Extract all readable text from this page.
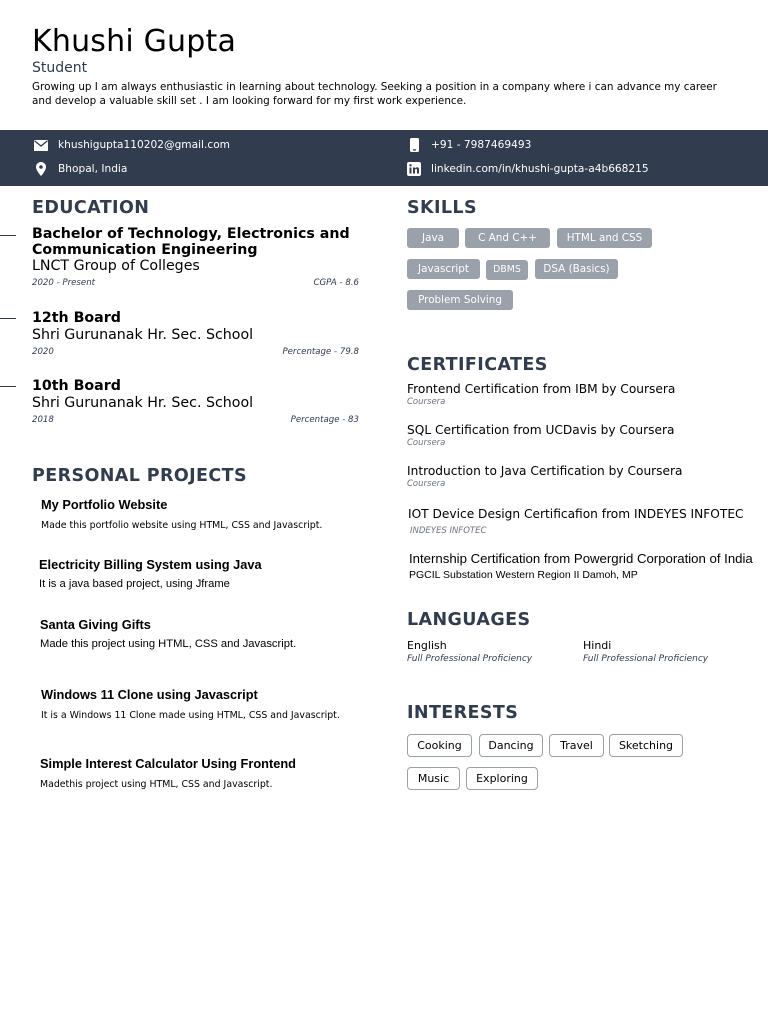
Khushi Gupta
Student
Growing up I am always enthusiastic in learning about technology. Seeking a position in a company where i can advance my career and develop a valuable skill set . I am looking forward for my first work experience.
khushigupta110202@gmail.com
Bhopal, India
+91 - 7987469493
linkedin.com/in/khushi-gupta-a4b668215
EDUCATION
Bachelor of Technology, Electronics and Communication Engineering
LNCT Group of Colleges
2020 - Present	CGPA - 8.6
12th Board
Shri Gurunanak Hr. Sec. School
2020	Percentage - 79.8
10th Board
Shri Gurunanak Hr. Sec. School
2018	Percentage - 83
PERSONAL PROJECTS
My Portfolio Website
Made this portfolio website using HTML, CSS and Javascript.
Electricity Billing System using Java
It is a java based project, using Jframe
Santa Giving Gifts
Made this project using HTML, CSS and Javascript.
Windows 11 Clone using Javascript
It is a Windows 11 Clone made using HTML, CSS and Javascript.
Simple Interest Calculator Using Frontend
Madethis project using HTML, CSS and Javascript.
SKILLS
Java	C And C++	HTML and CSS
Javascript	DBMS	DSA (Basics)
Problem Solving
CERTIFICATES
Frontend Certification from IBM by Coursera
Coursera
SQL Certification from UCDavis by Coursera
Coursera
Introduction to Java Certification by Coursera
Coursera
IOT Device Design Certificafion from INDEYES INFOTEC
INDEYES INFOTEC
Internship Certification from Powergrid Corporation of India
PGCIL Substation Western Region II Damoh, MP
LANGUAGES
English
Full Professional Proficiency
Hindi
Full Professional Proficiency
INTERESTS
Cooking	Dancing	Travel	Sketching
Music	Exploring
